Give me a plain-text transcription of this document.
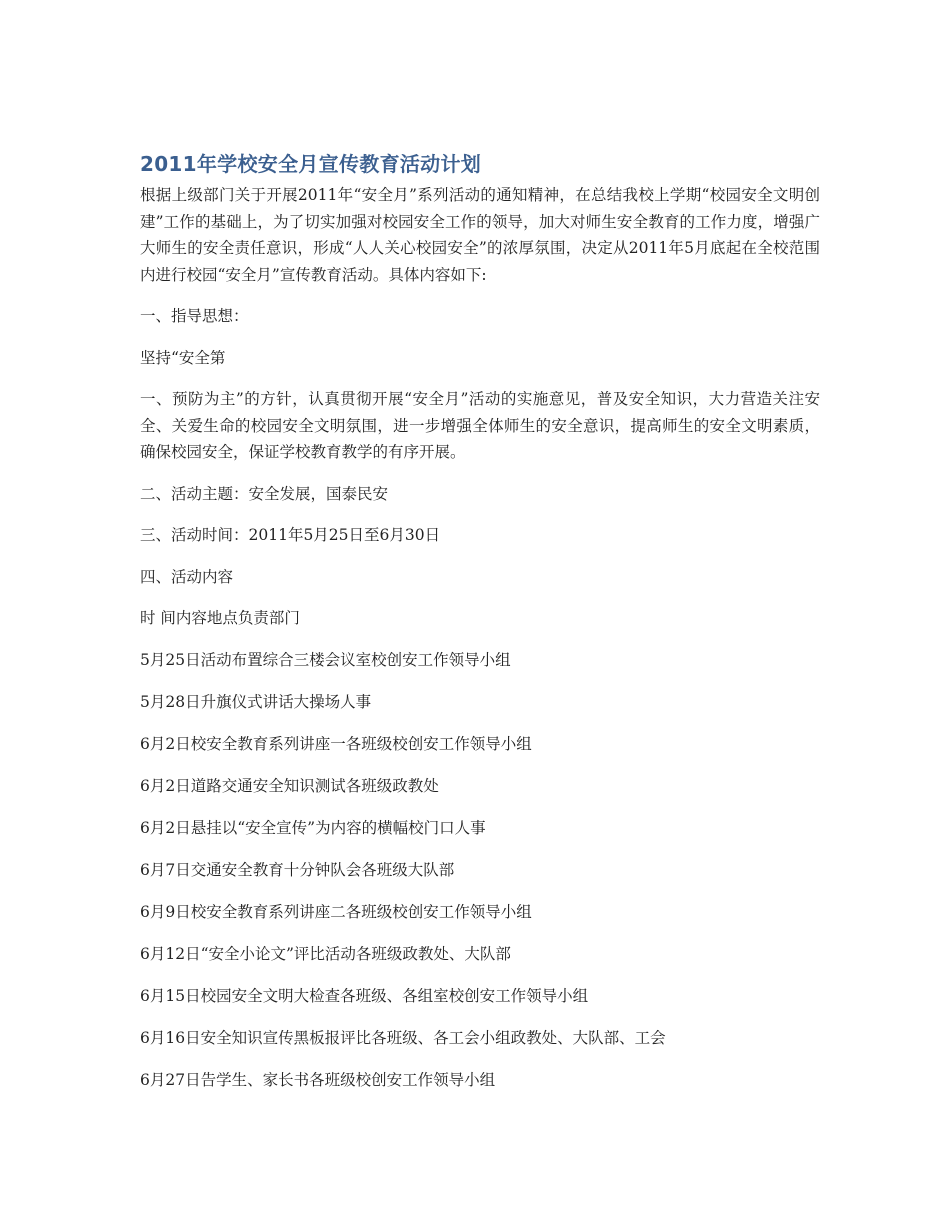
2011年学校安全月宣传教育活动计划

根据上级部门关于开展2011年“安全月”系列活动的通知精神，在总结我校上学期“校园安全文明创建”工作的基础上，为了切实加强对校园安全工作的领导，加大对师生安全教育的工作力度，增强广大师生的安全责任意识，形成“人人关心校园安全”的浓厚氛围，决定从2011年5月底起在全校范围内进行校园“安全月”宣传教育活动。具体内容如下:

一、指导思想：

坚持“安全第

一、预防为主”的方针，认真贯彻开展“安全月”活动的实施意见，普及安全知识，大力营造关注安全、关爱生命的校园安全文明氛围，进一步增强全体师生的安全意识，提高师生的安全文明素质，确保校园安全，保证学校教育教学的有序开展。

二、活动主题：安全发展，国泰民安

三、活动时间：2011年5月25日至6月30日

四、活动内容

时 间内容地点负责部门

5月25日活动布置综合三楼会议室校创安工作领导小组

5月28日升旗仪式讲话大操场人事

6月2日校安全教育系列讲座一各班级校创安工作领导小组

6月2日道路交通安全知识测试各班级政教处

6月2日悬挂以“安全宣传”为内容的横幅校门口人事

6月7日交通安全教育十分钟队会各班级大队部

6月9日校安全教育系列讲座二各班级校创安工作领导小组

6月12日“安全小论文”评比活动各班级政教处、大队部

6月15日校园安全文明大检查各班级、各组室校创安工作领导小组

6月16日安全知识宣传黑板报评比各班级、各工会小组政教处、大队部、工会

6月27日告学生、家长书各班级校创安工作领导小组
